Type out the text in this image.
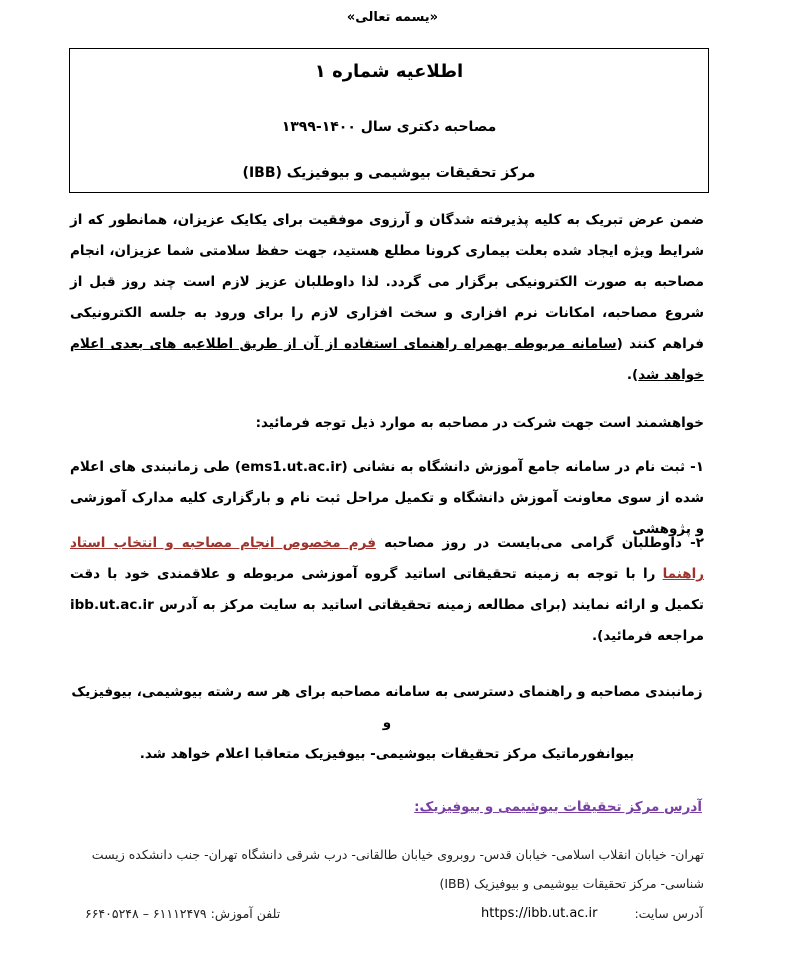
«یسمه تعالی»
اطلاعیه شماره ۱
مصاحبه دکتری سال ۱۴۰۰-۱۳۹۹
مرکز تحقیقات بیوشیمی و بیوفیزیک (IBB)
ضمن عرض تبریک به کلیه پذیرفته شدگان و آرزوی موفقیت برای یکایک عزیزان، همانطور که از شرایط ویژه ایجاد شده بعلت بیماری کرونا مطلع هستید، جهت حفظ سلامتی شما عزیزان، انجام مصاحبه به صورت الکترونیکی برگزار می گردد. لذا داوطلبان عزیز لازم است چند روز قبل از شروع مصاحبه، امکانات نرم افزاری و سخت افزاری لازم را برای ورود به جلسه الکترونیکی فراهم کنند (سامانه مربوطه بهمراه راهنمای استفاده از آن از طریق اطلاعیه های بعدی اعلام خواهد شد).
خواهشمند است جهت شرکت در مصاحبه به موارد ذیل توجه فرمائید:
۱- ثبت نام در سامانه جامع آموزش دانشگاه به نشانی (ems1.ut.ac.ir) طی زمانبندی های اعلام شده از سوی معاونت آموزش دانشگاه و تکمیل مراحل ثبت نام و بارگزاری کلیه مدارک آموزشی و پژوهشی
۲- داوطلبان گرامی می‌بایست در روز مصاحبه فرم مخصوص انجام مصاحبه و انتخاب استاد راهنما را با توجه به زمینه تحقیقاتی اساتید گروه آموزشی مربوطه و علاقمندی خود با دقت تکمیل و ارائه نمایند (برای مطالعه زمینه تحقیقاتی اساتید به سایت مرکز به آدرس ibb.ut.ac.ir مراجعه فرمائید).
زمانبندی مصاحبه و راهنمای دسترسی به سامانه مصاحبه برای هر سه رشته بیوشیمی، بیوفیزیک و
بیوانفورماتیک مرکز تحقیقات بیوشیمی- بیوفیزیک متعاقبا اعلام خواهد شد.
آدرس مرکز تحقیقات بیوشیمی و بیوفیزیک:
تهران- خیابان انقلاب اسلامی- خیابان قدس- روبروی خیابان طالقانی- درب شرقی دانشگاه تهران- جنب دانشکده زیست شناسی- مرکز تحقیقات بیوشیمی و بیوفیزیک (IBB)
آدرس سایت:
https://ibb.ut.ac.ir
تلفن آموزش: ۶۱۱۱۲۴۷۹ – ۶۶۴۰۵۲۴۸
